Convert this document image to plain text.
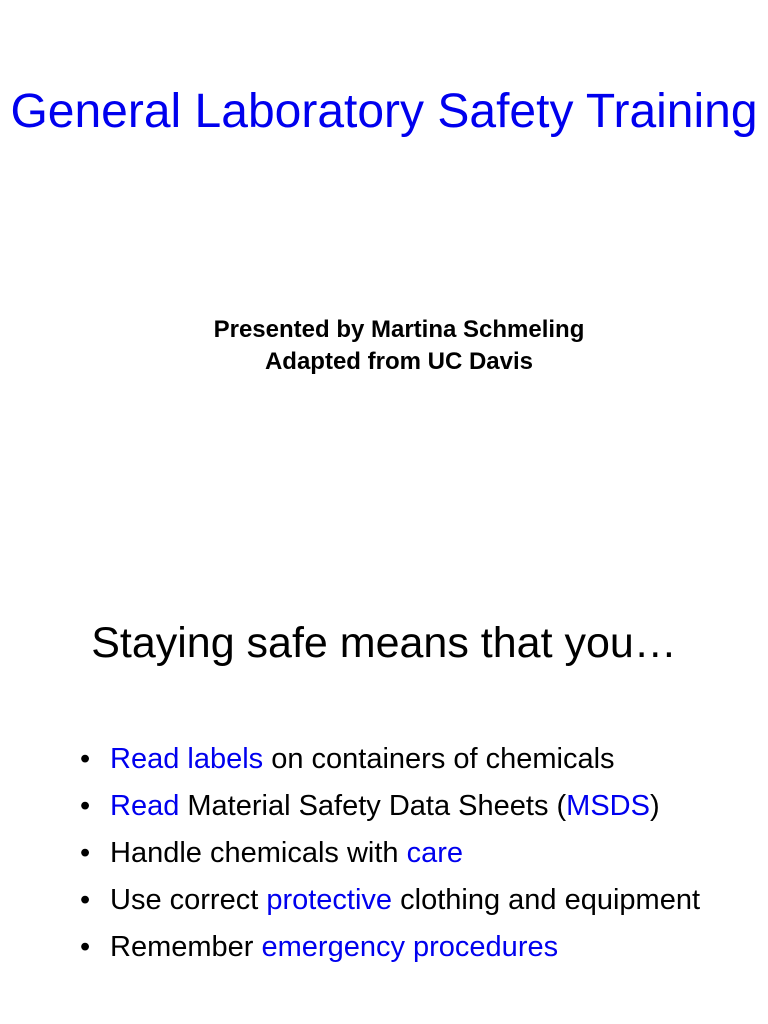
General Laboratory Safety Training
Presented by Martina Schmeling
Adapted from UC Davis
Staying safe means that you…
• Read labels on containers of chemicals
• Read Material Safety Data Sheets (MSDS)
• Handle chemicals with care
• Use correct protective clothing and equipment
• Remember emergency procedures
